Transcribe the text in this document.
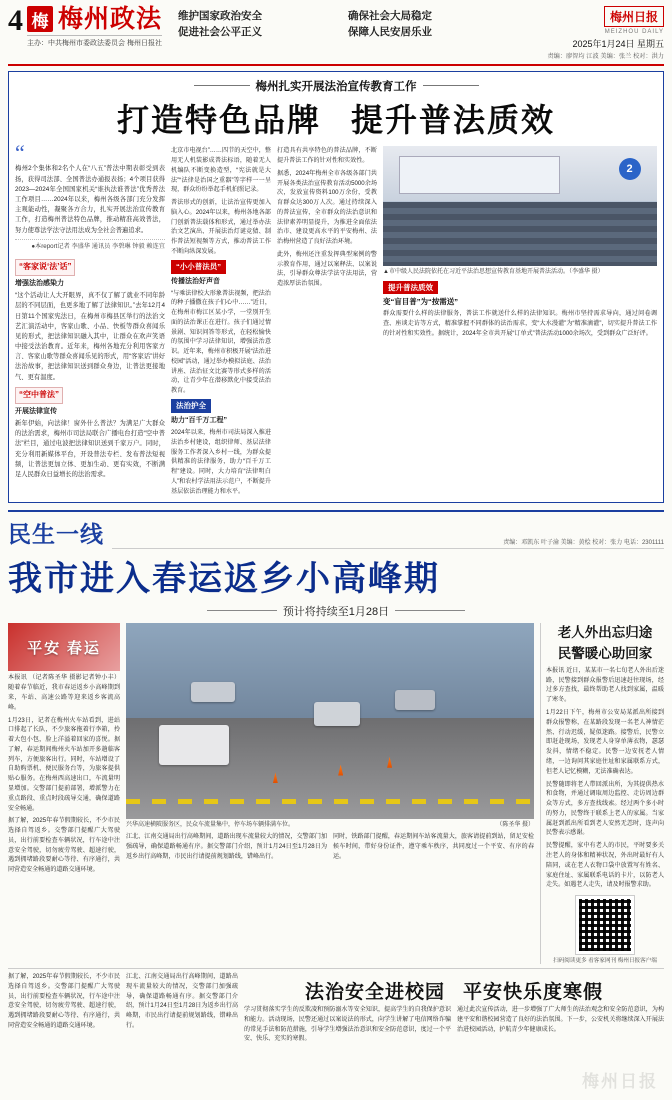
4 梅 梅州政法
主办：中共梅州市委政法委员会 梅州日报社
维护国家政治安全	确保社会大局稳定
促进社会公平正义	保障人民安居乐业
梅州日报
MEIZHOU DAILY
2025年1月24日 星期五
责编：廖智均 江波 美编：张兰 校对：洪力
梅州扎实开展法治宣传教育工作
打造特色品牌 提升普法质效
“
梅州2个集体和2名个人在“八五”普法中期表彰受到表扬，获得司法部、全国普法办通报表扬；4个项目获得2023—2024年全国国家机关“谁执法谁普法”优秀普法工作项目……2024年以来，梅州各级各部门充分发挥主观能动性，凝聚各方合力，扎实开展法治宣传教育工作，打造梅州普法特色品牌，推动精准高效普法，努力使尊法学法守法用法成为全社会普遍追求。
●本report记者 李盛华 通讯员 李碧琳 钟毅 赖连宜
“客家说‘法’话”
增强法治感染力
“这个活动让人大开眼界，真不仅了解了就业不同年龄层的不同层面，也更多地了解了法律知识。”去年12月4日第11个国家宪法日，在梅州市梅县区举行的法治文艺汇演活动中，客家山歌、小品、快板等群众喜闻乐见的形式，把法律知识融入其中，让群众在欢声笑语中接受法治教育。近年来，梅州各地充分利用客家方言、客家山歌等群众喜闻乐见的形式，用“客家话”讲好法治故事，把法律知识送到群众身边，让普法更接地气、更有温度。
“空中普法”
开展法律宣传
新年伊始，向法律！窗外什么普法？为满足广大群众的法治需求，梅州市司法局联合广播电台打造“空中普法”栏目，通过电波把法律知识送到千家万户。同时，充分利用新媒体平台，开设普法专栏、发布普法短视频，让普法更加立体、更加生动、更有实效，不断满足人民群众日益增长的法治需求。
北京市电视台”……四节的天空中，整用无人机装影成普法标语，随着无人机编队不断变换造型，“宪法就是大法”“法律是治国之重器”等字样一一呈现，群众纷纷举起手机拍照记录。
普法形式的创新，让法治宣传更加入脑入心。2024年以来，梅州各地各部门创新普法载体和形式，通过举办法治文艺演出、开展法治灯谜竞猜、制作普法短视频等方式，推动普法工作不断向纵深发展。
“小小普法员”
传播法治好声音
“与乘法律校大形象普法视频，把法治的种子播撒在孩子们心中……”近日，在梅州市梅江区某小学，一堂别开生面的法治课正在进行。孩子们通过情景剧、知识问答等形式，在轻松愉快的氛围中学习法律知识，增强法治意识。近年来，梅州市积极开展“法治进校园”活动，通过举办模拟法庭、法治讲座、法治征文比赛等形式多样的活动，让青少年在潜移默化中接受法治教育。
法治护全
助力“百千万工程”
2024年以来，梅州市司法局深入推进法治乡村建设，组织律师、基层法律服务工作者深入乡村一线，为群众提供精准的法律服务，助力“百千万工程”建设。同时，大力培育“法律明白人”和农村学法用法示范户，不断提升基层依法治理能力和水平。
打造具有共享特色的普法品牌，不断提升普法工作的针对性和实效性。
据悉，2024年梅州全市各级各部门共开展各类法治宣传教育活动5000余场次，发放宣传资料100万余份，受教育群众达300万人次。通过持续深入的普法宣传，全市群众的法治意识和法律素养明显提升，为推进全面依法治市、建设更高水平的平安梅州、法治梅州营造了良好法治环境。
此外，梅州还注重发挥典型案例的警示教育作用，通过以案释法、以案说法，引导群众尊法学法守法用法，营造浓厚法治氛围。
2
▲市中级人民法院依托在习近平法治思想宣传教育基地开展普法活动。（李盛华 摄）
提升普法质效
变“盲目普”为“按需送”
群众需要什么样的法律服务，普法工作就送什么样的法律知识。梅州市坚持需求导向，通过问卷调查、座谈走访等方式，精准掌握不同群体的法治需求，变“大水漫灌”为“精准滴灌”，切实提升普法工作的针对性和实效性。据统计，2024年全市共开展“订单式”普法活动1000余场次，受到群众广泛好评。
民生一线	责编：邓凯东 叶子渝 美编：黄桧 校对：张力 电话：2301111
我市进入春运返乡小高峰期
预计将持续至1月28日
平安 春运
本报讯 （记者陈圣华 摄影记者钟小丰） 随着春节临近，我市春运返乡小高峰期到来，车站、高速公路等迎来返乡客流高峰。
1月23日，记者在梅州火车站看到，进站口排起了长队，不少旅客拖着行李箱，拎着大包小包，脸上洋溢着回家的喜悦。据了解，春运期间梅州火车站加开多趟临客列车，方便旅客出行。同时，车站增设了自助购票机、便民服务台等，为旅客提供贴心服务。在梅州西高速出口，车流量明显增加。交警部门提前部署，增派警力在重点路段、重点时段疏导交通，确保道路安全畅通。
据了解，2025年春节假期较长，不少市民选择自驾返乡。交警部门提醒广大驾驶员，出行前要检查车辆状况，行车途中注意安全驾驶，切勿疲劳驾驶、超速行驶，遇到拥堵路段要耐心等待、有序通行，共同营造安全畅通的道路交通环境。
兴华高速横陂服务区，民众车流量集中，停车场车辆排满车位。	（陈圣华 摄）
江北、江南交通局出行高峰期间，道路出现车流量较大的情况，交警部门加强疏导，确保道路畅通有序。据交警部门介绍，预计1月24日至1月28日为返乡出行高峰期，市民出行请提前规划路线，错峰出行。
同时，铁路部门提醒，春运期间车站客流量大，旅客请提前到站，留足安检候车时间，带好身份证件，遵守乘车秩序，共同度过一个平安、有序的春运。
老人外出忘归途
民警暖心助回家
本报讯 近日，某某市一名七旬老人外出后迷路，民警接到群众报警后迅速赶往现场，经过多方查找，最终帮助老人找到家属，温暖了寒冬。
1月22日下午，梅州市公安局某派出所接到群众报警称，在某路段发现一名老人神情茫然、行动迟缓，疑似迷路。接警后，民警立即赶赴现场，发现老人身穿单薄衣物，瑟瑟发抖，情绪不稳定。民警一边安抚老人情绪，一边询问其家庭住址和家属联系方式，但老人记忆模糊，无法准确表达。
民警随即将老人带回派出所，为其提供热水和食物，并通过调取周边监控、走访周边群众等方式，多方查找线索。经过两个多小时的努力，民警终于联系上老人的家属。当家属赶到派出所看到老人安然无恙时，连声向民警表示感谢。
民警提醒，家中有老人的市民，平时要多关注老人的身体和精神状况，外出时最好有人陪同，或在老人衣物口袋中放置写有姓名、家庭住址、家属联系电话的卡片，以防老人走失。如遇老人走失，请及时报警求助。
扫码阅读更多 看客家网刊 梅州日报客户端
据了解，2025年春节假期较长，不少市民选择自驾返乡。交警部门提醒广大驾驶员，出行前要检查车辆状况，行车途中注意安全驾驶，切勿疲劳驾驶、超速行驶，遇到拥堵路段要耐心等待、有序通行，共同营造安全畅通的道路交通环境。
江北、江南交通局出行高峰期间，道路出现车流量较大的情况，交警部门加强疏导，确保道路畅通有序。据交警部门介绍，预计1月24日至1月28日为返乡出行高峰期，市民出行请提前规划路线，错峰出行。
法治安全进校园 平安快乐度寒假
学习贯彻落实学生的反欺凌和预防溺水等安全知识，提高学生的自我保护意识和能力。活动现场，民警还通过以案说法的形式，向学生讲解了电信网络诈骗的常见手法和防范措施，引导学生增强法治意识和安全防范意识，度过一个平安、快乐、充实的寒假。
通过此次宣传活动，进一步增强了广大师生的法治观念和安全防范意识，为构建平安和谐校园营造了良好的法治氛围。下一步，公安机关将继续深入开展法治进校园活动，护航青少年健康成长。
梅州日报
